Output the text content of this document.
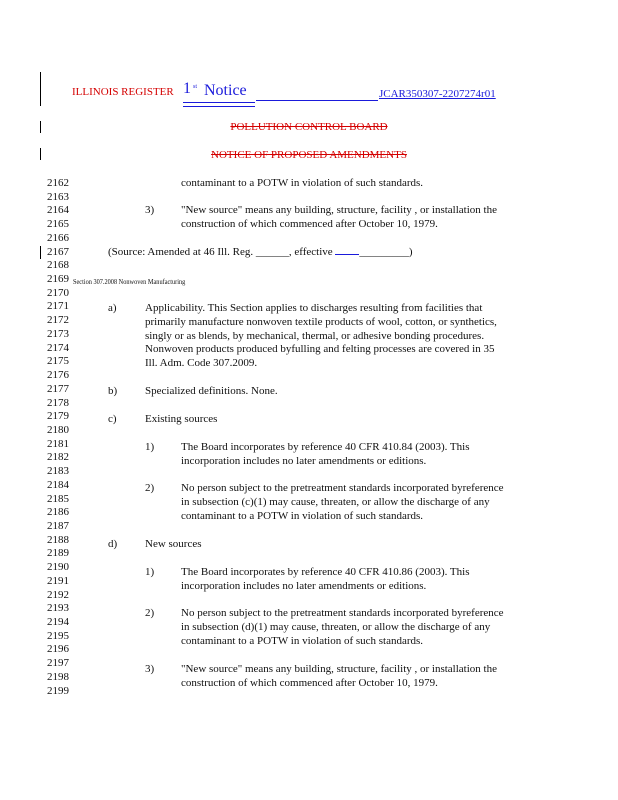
ILLINOIS REGISTER 1 st Notice	JCAR350307-2207274r01
POLLUTION CONTROL BOARD
NOTICE OF PROPOSED AMENDMENTS
2162
2163
2164
2165
2166
2167
2168
2169
2170
2171
2172
2173
2174
2175
2176
2177
2178
2179
2180
2181
2182
2183
2184
2185
2186
2187
2188
2189
2190
2191
2192
2193
2194
2195
2196
2197
2198
2199
contaminant to a POTW in violation of such standards.
3) "New source" means any building, structure, facility , or installation the
construction of which commenced after October 10, 1979.
(Source: Amended at 46 Ill. Reg. ______, effective _________)
Section 307.2008 Nonwoven Manufacturing
a)	Applicability. This Section applies to discharges resulting from facilities that
primarily manufacture nonwoven textile products of wool, cotton, or synthetics,
singly or as blends, by mechanical, thermal, or adhesive bonding procedures.
Nonwoven products produced byfulling and felting processes are covered in 35
Ill. Adm. Code 307.2009.
b)	Specialized definitions. None.
c)	Existing sources
1) The Board incorporates by reference 40 CFR 410.84 (2003). This
incorporation includes no later amendments or editions.
2) No person subject to the pretreatment standards incorporated byreference
in subsection (c)(1) may cause, threaten, or allow the discharge of any
contaminant to a POTW in violation of such standards.
d)	New sources
1) The Board incorporates by reference 40 CFR 410.86 (2003). This
incorporation includes no later amendments or editions.
2) No person subject to the pretreatment standards incorporated byreference
in subsection (d)(1) may cause, threaten, or allow the discharge of any
contaminant to a POTW in violation of such standards.
3) "New source" means any building, structure, facility , or installation the
construction of which commenced after October 10, 1979.
